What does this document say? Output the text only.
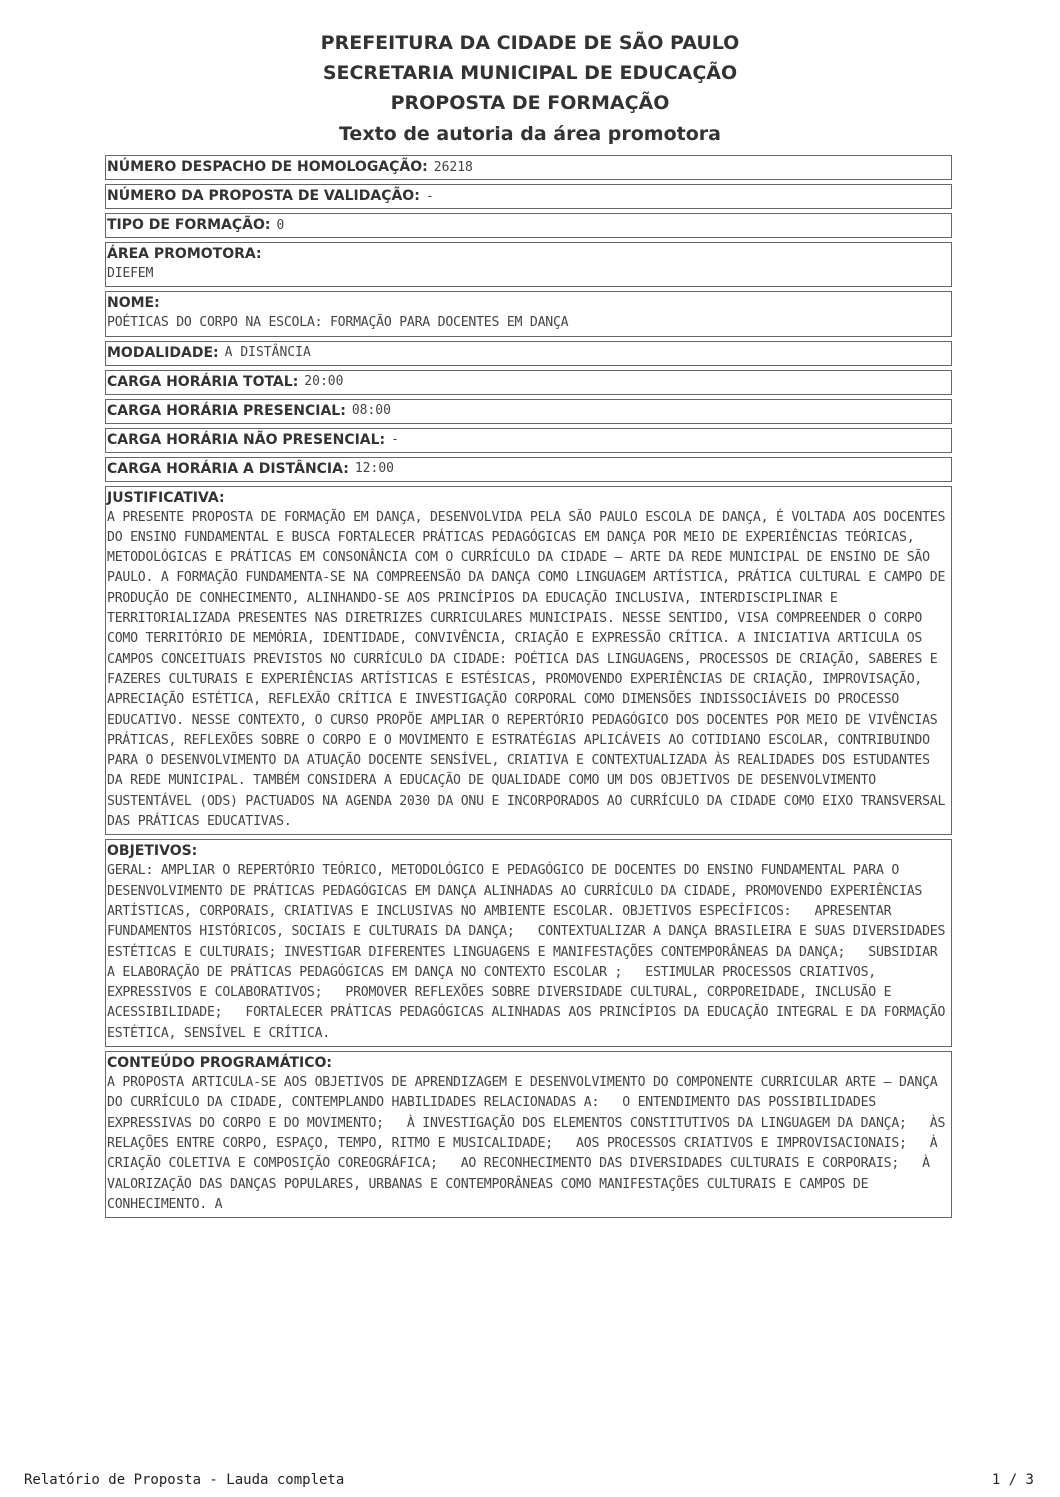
PREFEITURA DA CIDADE DE SÃO PAULO
SECRETARIA MUNICIPAL DE EDUCAÇÃO
PROPOSTA DE FORMAÇÃO
Texto de autoria da área promotora
NÚMERO DESPACHO DE HOMOLOGAÇÃO: 26218
NÚMERO DA PROPOSTA DE VALIDAÇÃO: -
TIPO DE FORMAÇÃO: 0
ÁREA PROMOTORA:
DIEFEM
NOME:
POÉTICAS DO CORPO NA ESCOLA: FORMAÇÃO PARA DOCENTES EM DANÇA
MODALIDADE: A DISTÂNCIA
CARGA HORÁRIA TOTAL: 20:00
CARGA HORÁRIA PRESENCIAL: 08:00
CARGA HORÁRIA NÃO PRESENCIAL: -
CARGA HORÁRIA A DISTÂNCIA: 12:00
JUSTIFICATIVA:
A PRESENTE PROPOSTA DE FORMAÇÃO EM DANÇA, DESENVOLVIDA PELA SÃO PAULO ESCOLA DE DANÇA, É VOLTADA AOS DOCENTES DO ENSINO FUNDAMENTAL E BUSCA FORTALECER PRÁTICAS PEDAGÓGICAS EM DANÇA POR MEIO DE EXPERIÊNCIAS TEÓRICAS, METODOLÓGICAS E PRÁTICAS EM CONSONÂNCIA COM O CURRÍCULO DA CIDADE — ARTE DA REDE MUNICIPAL DE ENSINO DE SÃO PAULO. A FORMAÇÃO FUNDAMENTA-SE NA COMPREENSÃO DA DANÇA COMO LINGUAGEM ARTÍSTICA, PRÁTICA CULTURAL E CAMPO DE PRODUÇÃO DE CONHECIMENTO, ALINHANDO-SE AOS PRINCÍPIOS DA EDUCAÇÃO INCLUSIVA, INTERDISCIPLINAR E TERRITORIALIZADA PRESENTES NAS DIRETRIZES CURRICULARES MUNICIPAIS. NESSE SENTIDO, VISA COMPREENDER O CORPO COMO TERRITÓRIO DE MEMÓRIA, IDENTIDADE, CONVIVÊNCIA, CRIAÇÃO E EXPRESSÃO CRÍTICA. A INICIATIVA ARTICULA OS CAMPOS CONCEITUAIS PREVISTOS NO CURRÍCULO DA CIDADE: POÉTICA DAS LINGUAGENS, PROCESSOS DE CRIAÇÃO, SABERES E FAZERES CULTURAIS E EXPERIÊNCIAS ARTÍSTICAS E ESTÉSICAS, PROMOVENDO EXPERIÊNCIAS DE CRIAÇÃO, IMPROVISAÇÃO, APRECIAÇÃO ESTÉTICA, REFLEXÃO CRÍTICA E INVESTIGAÇÃO CORPORAL COMO DIMENSÕES INDISSOCIÁVEIS DO PROCESSO EDUCATIVO. NESSE CONTEXTO, O CURSO PROPÕE AMPLIAR O REPERTÓRIO PEDAGÓGICO DOS DOCENTES POR MEIO DE VIVÊNCIAS PRÁTICAS, REFLEXÕES SOBRE O CORPO E O MOVIMENTO E ESTRATÉGIAS APLICÁVEIS AO COTIDIANO ESCOLAR, CONTRIBUINDO PARA O DESENVOLVIMENTO DA ATUAÇÃO DOCENTE SENSÍVEL, CRIATIVA E CONTEXTUALIZADA ÀS REALIDADES DOS ESTUDANTES DA REDE MUNICIPAL. TAMBÉM CONSIDERA A EDUCAÇÃO DE QUALIDADE COMO UM DOS OBJETIVOS DE DESENVOLVIMENTO SUSTENTÁVEL (ODS) PACTUADOS NA AGENDA 2030 DA ONU E INCORPORADOS AO CURRÍCULO DA CIDADE COMO EIXO TRANSVERSAL DAS PRÁTICAS EDUCATIVAS.
OBJETIVOS:
GERAL: AMPLIAR O REPERTÓRIO TEÓRICO, METODOLÓGICO E PEDAGÓGICO DE DOCENTES DO ENSINO FUNDAMENTAL PARA O DESENVOLVIMENTO DE PRÁTICAS PEDAGÓGICAS EM DANÇA ALINHADAS AO CURRÍCULO DA CIDADE, PROMOVENDO EXPERIÊNCIAS ARTÍSTICAS, CORPORAIS, CRIATIVAS E INCLUSIVAS NO AMBIENTE ESCOLAR. OBJETIVOS ESPECÍFICOS:   APRESENTAR FUNDAMENTOS HISTÓRICOS, SOCIAIS E CULTURAIS DA DANÇA;   CONTEXTUALIZAR A DANÇA BRASILEIRA E SUAS DIVERSIDADES ESTÉTICAS E CULTURAIS; INVESTIGAR DIFERENTES LINGUAGENS E MANIFESTAÇÕES CONTEMPORÂNEAS DA DANÇA;   SUBSIDIAR A ELABORAÇÃO DE PRÁTICAS PEDAGÓGICAS EM DANÇA NO CONTEXTO ESCOLAR ;   ESTIMULAR PROCESSOS CRIATIVOS, EXPRESSIVOS E COLABORATIVOS;   PROMOVER REFLEXÕES SOBRE DIVERSIDADE CULTURAL, CORPOREIDADE, INCLUSÃO E ACESSIBILIDADE;   FORTALECER PRÁTICAS PEDAGÓGICAS ALINHADAS AOS PRINCÍPIOS DA EDUCAÇÃO INTEGRAL E DA FORMAÇÃO ESTÉTICA, SENSÍVEL E CRÍTICA.
CONTEÚDO PROGRAMÁTICO:
A PROPOSTA ARTICULA-SE AOS OBJETIVOS DE APRENDIZAGEM E DESENVOLVIMENTO DO COMPONENTE CURRICULAR ARTE — DANÇA DO CURRÍCULO DA CIDADE, CONTEMPLANDO HABILIDADES RELACIONADAS A:   O ENTENDIMENTO DAS POSSIBILIDADES EXPRESSIVAS DO CORPO E DO MOVIMENTO;   À INVESTIGAÇÃO DOS ELEMENTOS CONSTITUTIVOS DA LINGUAGEM DA DANÇA;   ÀS RELAÇÕES ENTRE CORPO, ESPAÇO, TEMPO, RITMO E MUSICALIDADE;   AOS PROCESSOS CRIATIVOS E IMPROVISACIONAIS;   À CRIAÇÃO COLETIVA E COMPOSIÇÃO COREOGRÁFICA;   AO RECONHECIMENTO DAS DIVERSIDADES CULTURAIS E CORPORAIS;   À VALORIZAÇÃO DAS DANÇAS POPULARES, URBANAS E CONTEMPORÂNEAS COMO MANIFESTAÇÕES CULTURAIS E CAMPOS DE CONHECIMENTO. A
Relatório de Proposta - Lauda completa	1 / 3
